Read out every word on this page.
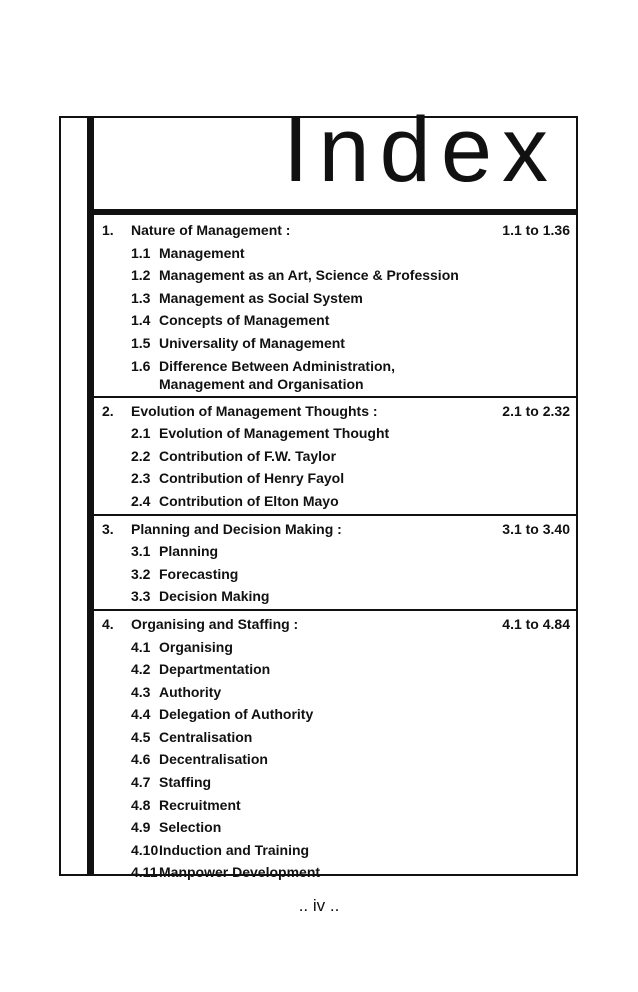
Index
1. Nature of Management :	1.1 to 1.36
1.1 Management
1.2 Management as an Art, Science & Profession
1.3 Management as Social System
1.4 Concepts of Management
1.5 Universality of Management
1.6 Difference Between Administration,
Management and Organisation
2. Evolution of Management Thoughts :	2.1 to 2.32
2.1 Evolution of Management Thought
2.2 Contribution of F.W. Taylor
2.3 Contribution of Henry Fayol
2.4 Contribution of Elton Mayo
3. Planning and Decision Making :	3.1 to 3.40
3.1 Planning
3.2 Forecasting
3.3 Decision Making
4. Organising and Staffing :	4.1 to 4.84
4.1 Organising
4.2 Departmentation
4.3 Authority
4.4 Delegation of Authority
4.5 Centralisation
4.6 Decentralisation
4.7 Staffing
4.8 Recruitment
4.9 Selection
4.10Induction and Training
4.11 Manpower Development
.. iv ..
